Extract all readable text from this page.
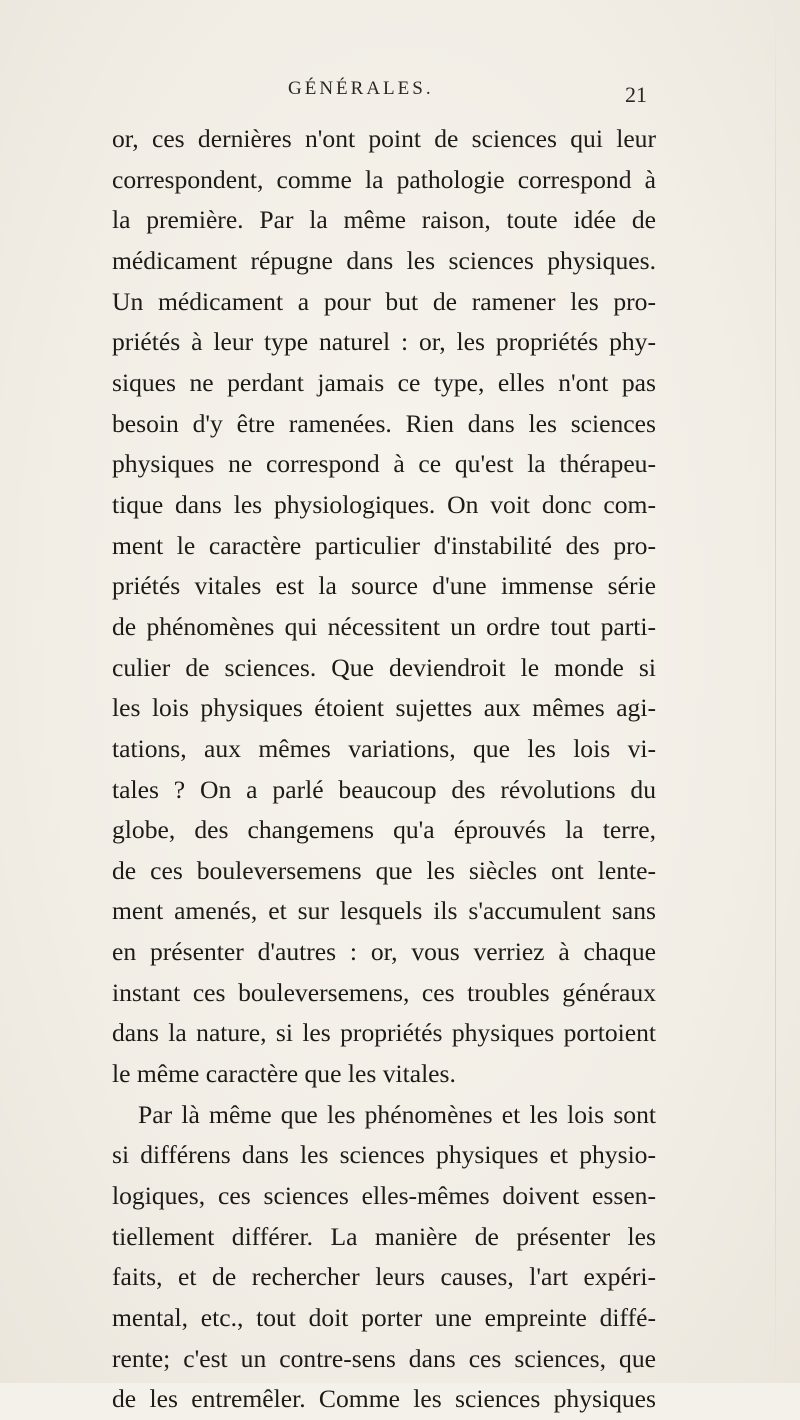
GÉNÉRALES.	21
or, ces dernières n'ont point de sciences qui leur
correspondent, comme la pathologie correspond à
la première. Par la même raison, toute idée de
médicament répugne dans les sciences physiques.
Un médicament a pour but de ramener les pro-
priétés à leur type naturel : or, les propriétés phy-
siques ne perdant jamais ce type, elles n'ont pas
besoin d'y être ramenées. Rien dans les sciences
physiques ne correspond à ce qu'est la thérapeu-
tique dans les physiologiques. On voit donc com-
ment le caractère particulier d'instabilité des pro-
priétés vitales est la source d'une immense série
de phénomènes qui nécessitent un ordre tout parti-
culier de sciences. Que deviendroit le monde si
les lois physiques étoient sujettes aux mêmes agi-
tations, aux mêmes variations, que les lois vi-
tales ? On a parlé beaucoup des révolutions du
globe, des changemens qu'a éprouvés la terre,
de ces bouleversemens que les siècles ont lente-
ment amenés, et sur lesquels ils s'accumulent sans
en présenter d'autres : or, vous verriez à chaque
instant ces bouleversemens, ces troubles généraux
dans la nature, si les propriétés physiques portoient
le même caractère que les vitales.
Par là même que les phénomènes et les lois sont
si différens dans les sciences physiques et physio-
logiques, ces sciences elles-mêmes doivent essen-
tiellement différer. La manière de présenter les
faits, et de rechercher leurs causes, l'art expéri-
mental, etc., tout doit porter une empreinte diffé-
rente; c'est un contre-sens dans ces sciences, que
de les entremêler. Comme les sciences physiques
